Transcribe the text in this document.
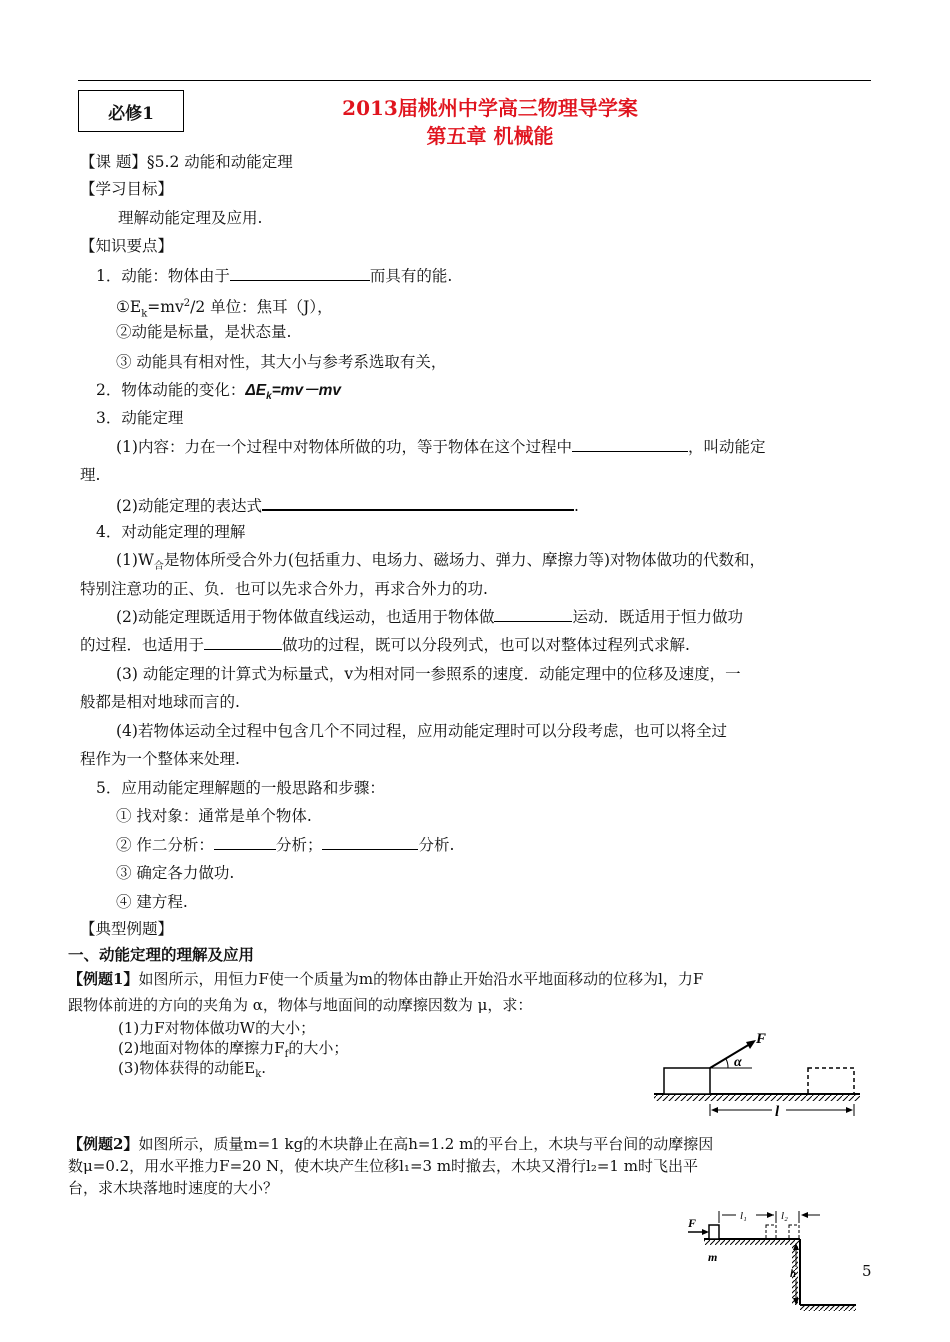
必修1	2013届桃州中学高三物理导学案
第五章 机械能
【课 题】§5.2 动能和动能定理
【学习目标】
理解动能定理及应用.
【知识要点】
1．动能：物体由于	而具有的能.
$①E_k=mv^2/2$ 单位：焦耳（J），
②动能是标量，是状态量.
③ 动能具有相对性，其大小与参考系选取有关，
2．物体动能的变化：$\Delta E_k=mv-mv$
3．动能定理
(1)内容：力在一个过程中对物体所做的功，等于物体在这个过程中	，叫动能定
理.
(2)动能定理的表达式	.
4．对动能定理的理解
$(1)W_合$是物体所受合外力(包括重力、电场力、磁场力、弹力、摩擦力等)对物体做功的代数和，
特别注意功的正、负．也可以先求合外力，再求合外力的功.
(2)动能定理既适用于物体做直线运动，也适用于物体做	运动．既适用于恒力做功
的过程．也适用于	做功的过程，既可以分段列式，也可以对整体过程列式求解.
(3) 动能定理的计算式为标量式，v为相对同一参照系的速度．动能定理中的位移及速度，一
般都是相对地球而言的.
(4)若物体运动全过程中包含几个不同过程，应用动能定理时可以分段考虑，也可以将全过
程作为一个整体来处理.
5．应用动能定理解题的一般思路和步骤：
① 找对象：通常是单个物体.
② 作二分析：	分析；	分析.
③ 确定各力做功.
④ 建方程.
【典型例题】
一、动能定理的理解及应用
【例题1】如图所示，用恒力F使一个质量为m的物体由静止开始沿水平地面移动的位移为l，力F
跟物体前进的方向的夹角为 α，物体与地面间的动摩擦因数为 μ，求：
(1)力F对物体做功W的大小；
(2)地面对物体的摩擦力$F_f$的大小；
(3)物体获得的动能$E_k$.
F
α
l
【例题2】如图所示，质量m=1 kg的木块静止在高h=1.2 m的平台上，木块与平台间的动摩擦因
数μ=0.2，用水平推力F=20 N，使木块产生位移l₁=3 m时撤去，木块又滑行l₂=1 m时飞出平
台，求木块落地时速度的大小？
F
m
l₁	l₂
h	5
